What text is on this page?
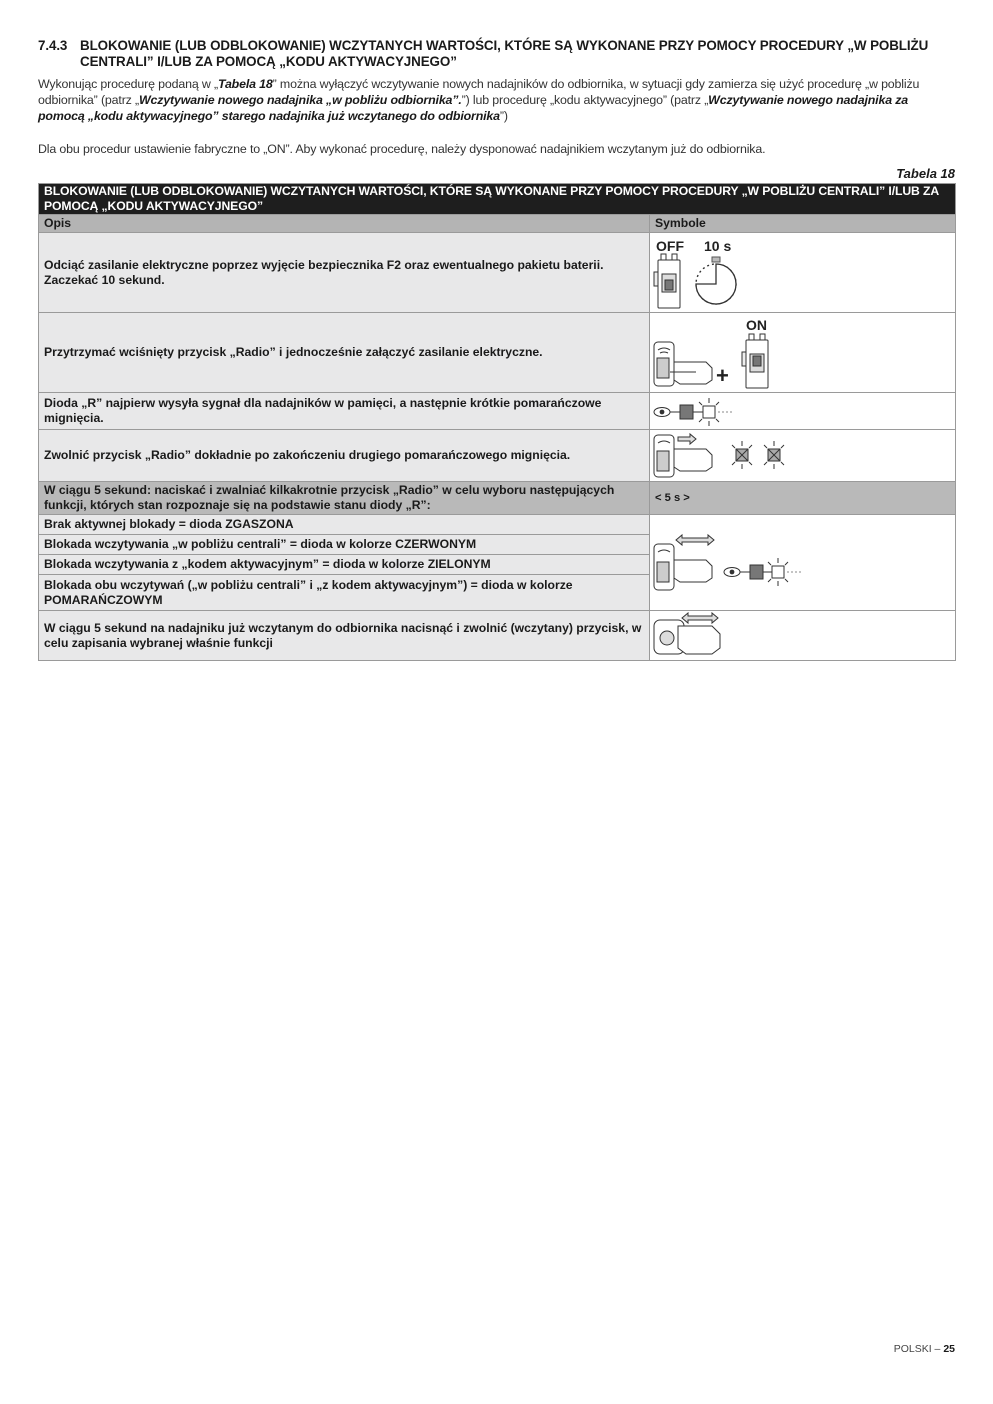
7.4.3 BLOKOWANIE (LUB ODBLOKOWANIE) WCZYTANYCH WARTOŚCI, KTÓRE SĄ WYKONANE PRZY POMOCY PROCEDURY „W POBLIŻU CENTRALI” I/LUB ZA POMOCĄ „KODU AKTYWACYJNEGO”
Wykonując procedurę podaną w „Tabela 18” można wyłączyć wczytywanie nowych nadajników do odbiornika, w sytuacji gdy zamierza się użyć procedurę „w pobliżu odbiornika” (patrz „Wczytywanie nowego nadajnika „w pobliżu odbiornika”.”) lub procedurę „kodu aktywacyjnego” (patrz „Wczytywanie nowego nadajnika za pomocą „kodu aktywacyjnego” starego nadajnika już wczytanego do odbiornika”)
Dla obu procedur ustawienie fabryczne to „ON”. Aby wykonać procedurę, należy dysponować nadajnikiem wczytanym już do odbiornika.
Tabela 18
BLOKOWANIE (LUB ODBLOKOWANIE) WCZYTANYCH WARTOŚCI, KTÓRE SĄ WYKONANE PRZY POMOCY PROCEDURY „W POBLIŻU CENTRALI” I/LUB ZA POMOCĄ „KODU AKTYWACYJNEGO”	
Opis	Symbole
Odciąć zasilanie elektryczne poprzez wyjęcie bezpiecznika F2 oraz ewentualnego pakietu baterii. Zaczekać 10 sekund.	OFF 10 s

Przytrzymać wciśnięty przycisk „Radio” i jednocześnie załączyć zasilanie elektryczne.	ON
+

Dioda „R” najpierw wysyła sygnał dla nadajników w pamięci, a następnie krótkie pomarańczowe mignięcia.	

Zwolnić przycisk „Radio” dokładnie po zakończeniu drugiego pomarańczowego mignięcia.	

W ciągu 5 sekund: naciskać i zwalniać kilkakrotnie przycisk „Radio” w celu wyboru następujących funkcji, których stan rozpoznaje się na podstawie stanu diody „R”:	< 5 s >
Brak aktywnej blokady = dioda ZGASZONA	

Blokada wczytywania „w pobliżu centrali” = dioda w kolorze CZERWONYM	
Blokada wczytywania z „kodem aktywacyjnym” = dioda w kolorze ZIELONYM	
Blokada obu wczytywań („w pobliżu centrali” i „z kodem aktywacyjnym”) = dioda w kolorze POMARAŃCZOWYM	
W ciągu 5 sekund na nadajniku już wczytanym do odbiornika nacisnąć i zwolnić (wczytany) przycisk, w celu zapisania wybranej właśnie funkcji	
POLSKI – 25
